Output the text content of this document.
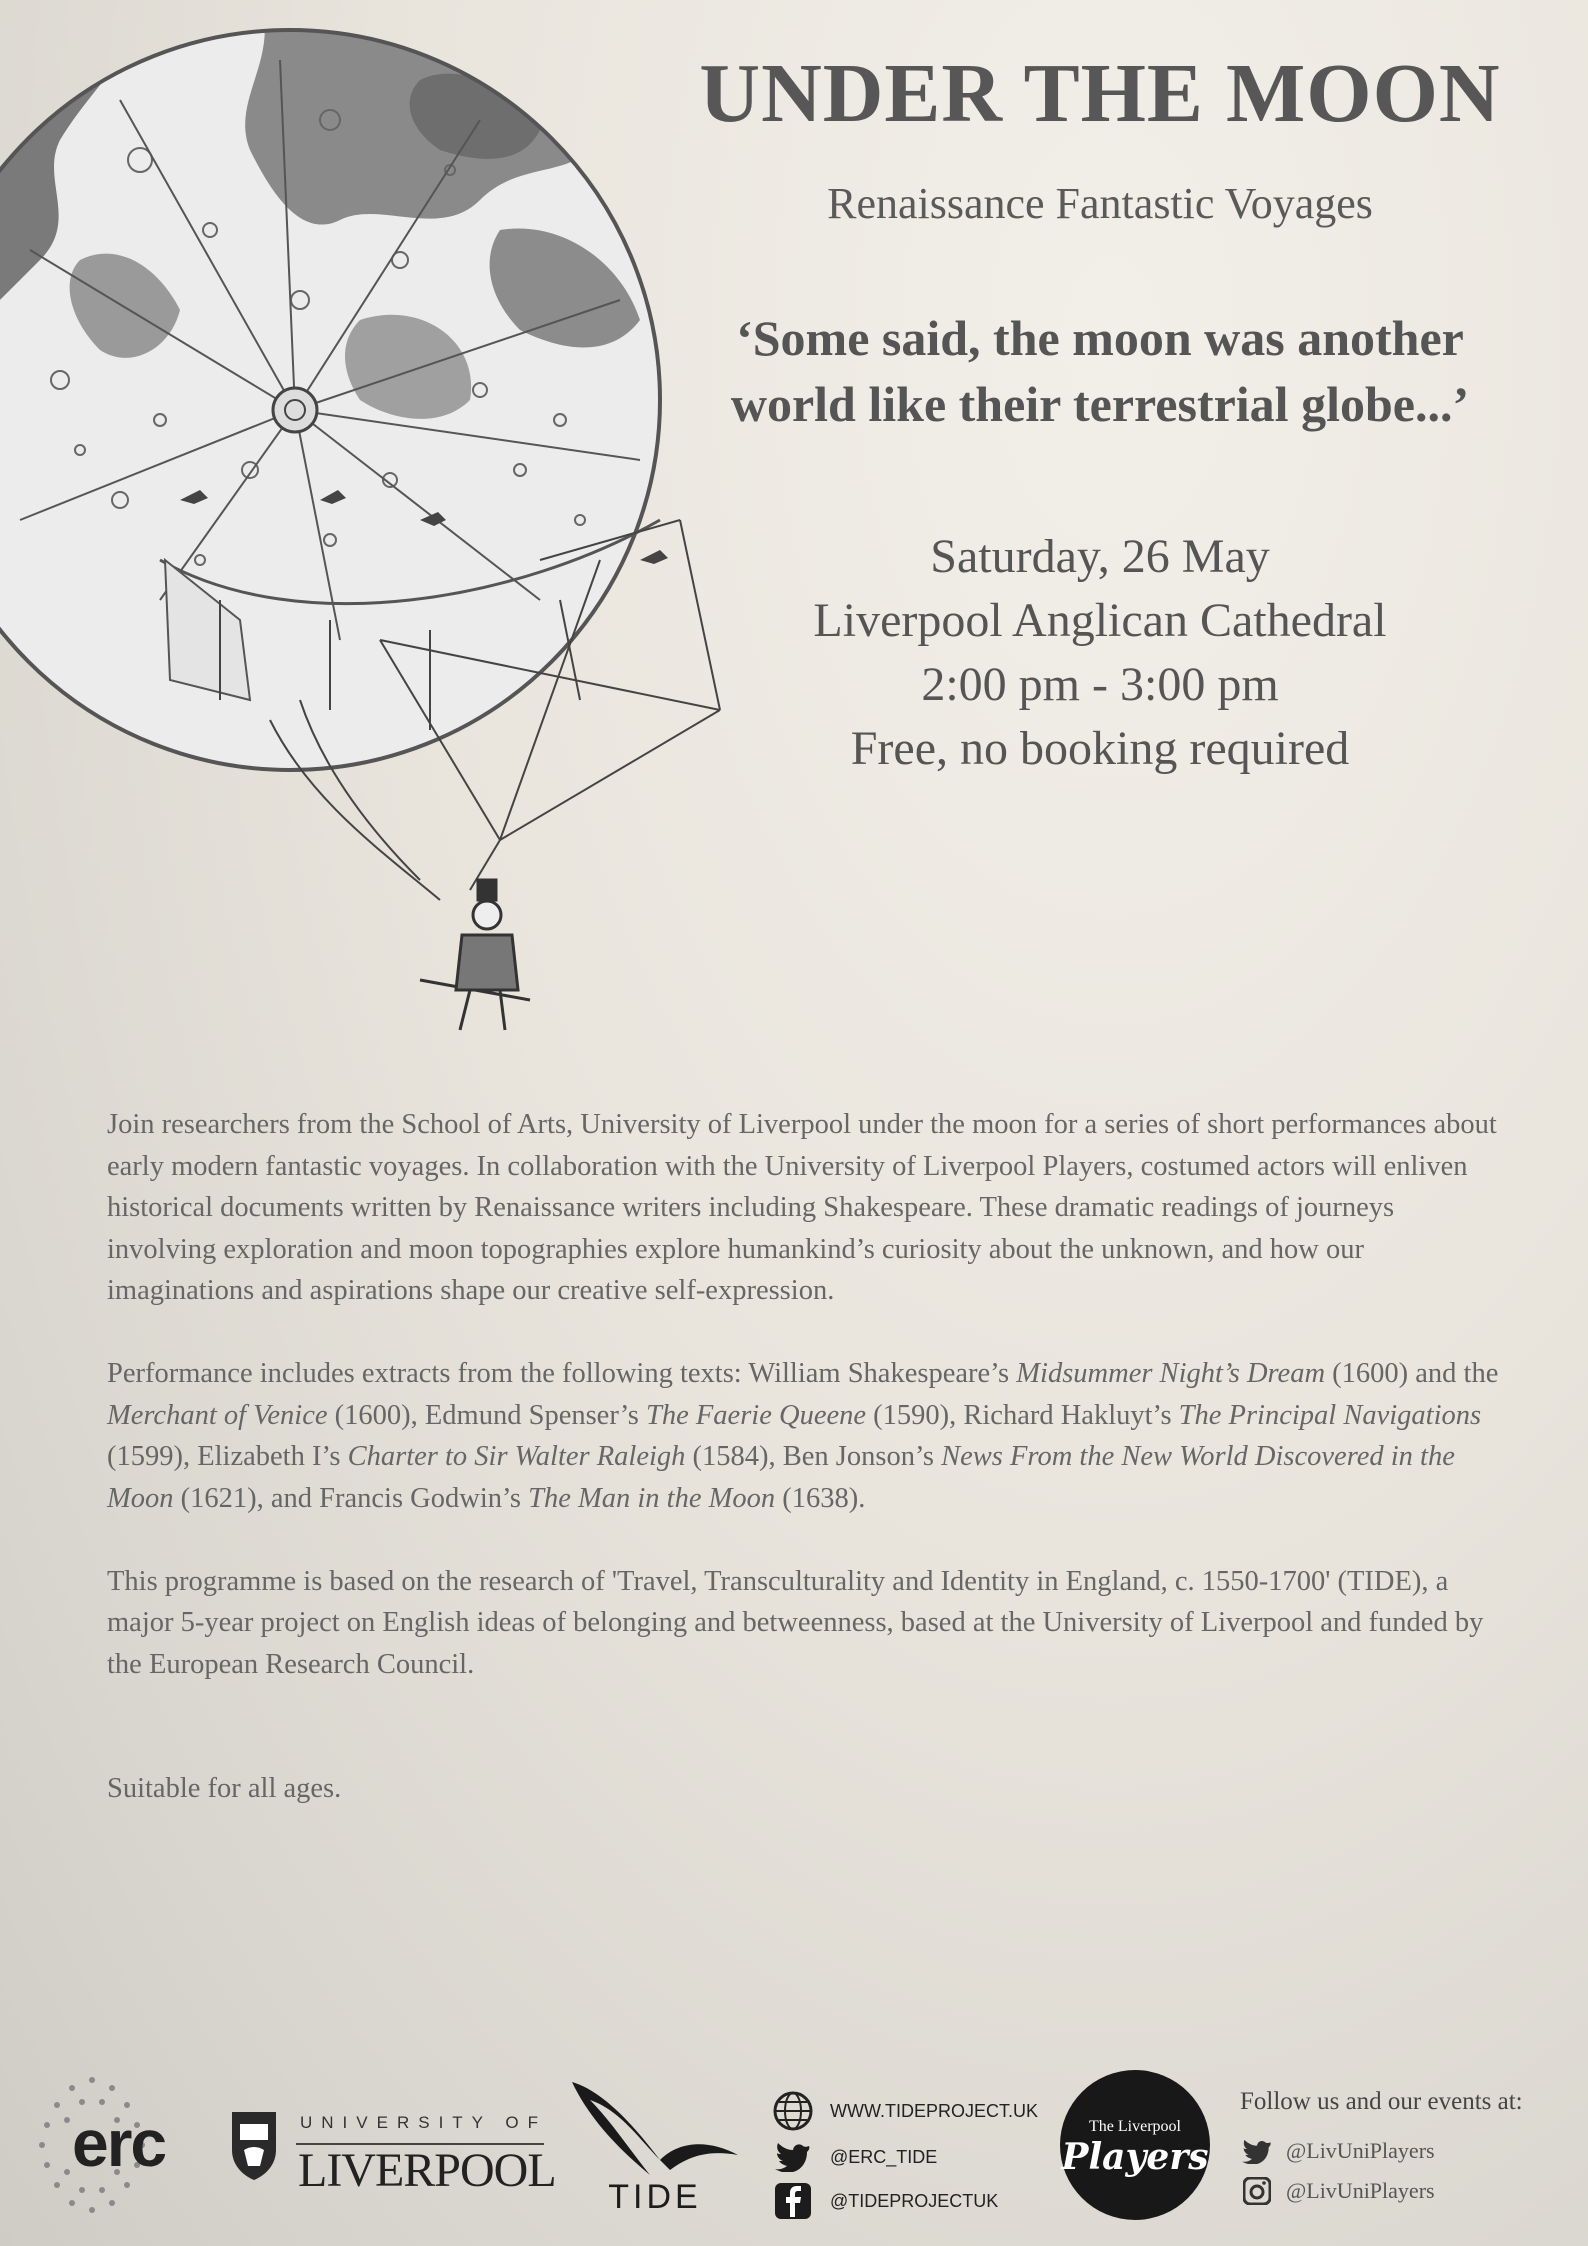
UNDER THE MOON
Renaissance Fantastic Voyages
‘Some said, the moon was another
world like their terrestrial globe...’
Saturday, 26 May
Liverpool Anglican Cathedral
2:00 pm - 3:00 pm
Free, no booking required

Join researchers from the School of Arts, University of Liverpool under the moon for a series of short performances about early modern fantastic voyages. In collaboration with the University of Liverpool Players, costumed actors will enliven historical documents written by Renaissance writers including Shakespeare. These dramatic readings of journeys involving exploration and moon topographies explore humankind’s curiosity about the unknown, and how our imaginations and aspirations shape our creative self-expression.

Performance includes extracts from the following texts: William Shakespeare’s Midsummer Night’s Dream (1600) and the Merchant of Venice (1600), Edmund Spenser’s The Faerie Queene (1590), Richard Hakluyt’s The Principal Navigations (1599), Elizabeth I’s Charter to Sir Walter Raleigh (1584), Ben Jonson’s News From the New World Discovered in the Moon (1621), and Francis Godwin’s The Man in the Moon (1638).

This programme is based on the research of 'Travel, Transculturality and Identity in England, c. 1550-1700' (TIDE), a major 5-year project on English ideas of belonging and betweenness, based at the University of Liverpool and funded by the European Research Council.

Suitable for all ages.

erc	UNIVERSITY OF
LIVERPOOL	TIDE
WWW.TIDEPROJECT.UK
@ERC_TIDE
@TIDEPROJECTUK
The Liverpool
Players
Follow us and our events at:
@LivUniPlayers
@LivUniPlayers
